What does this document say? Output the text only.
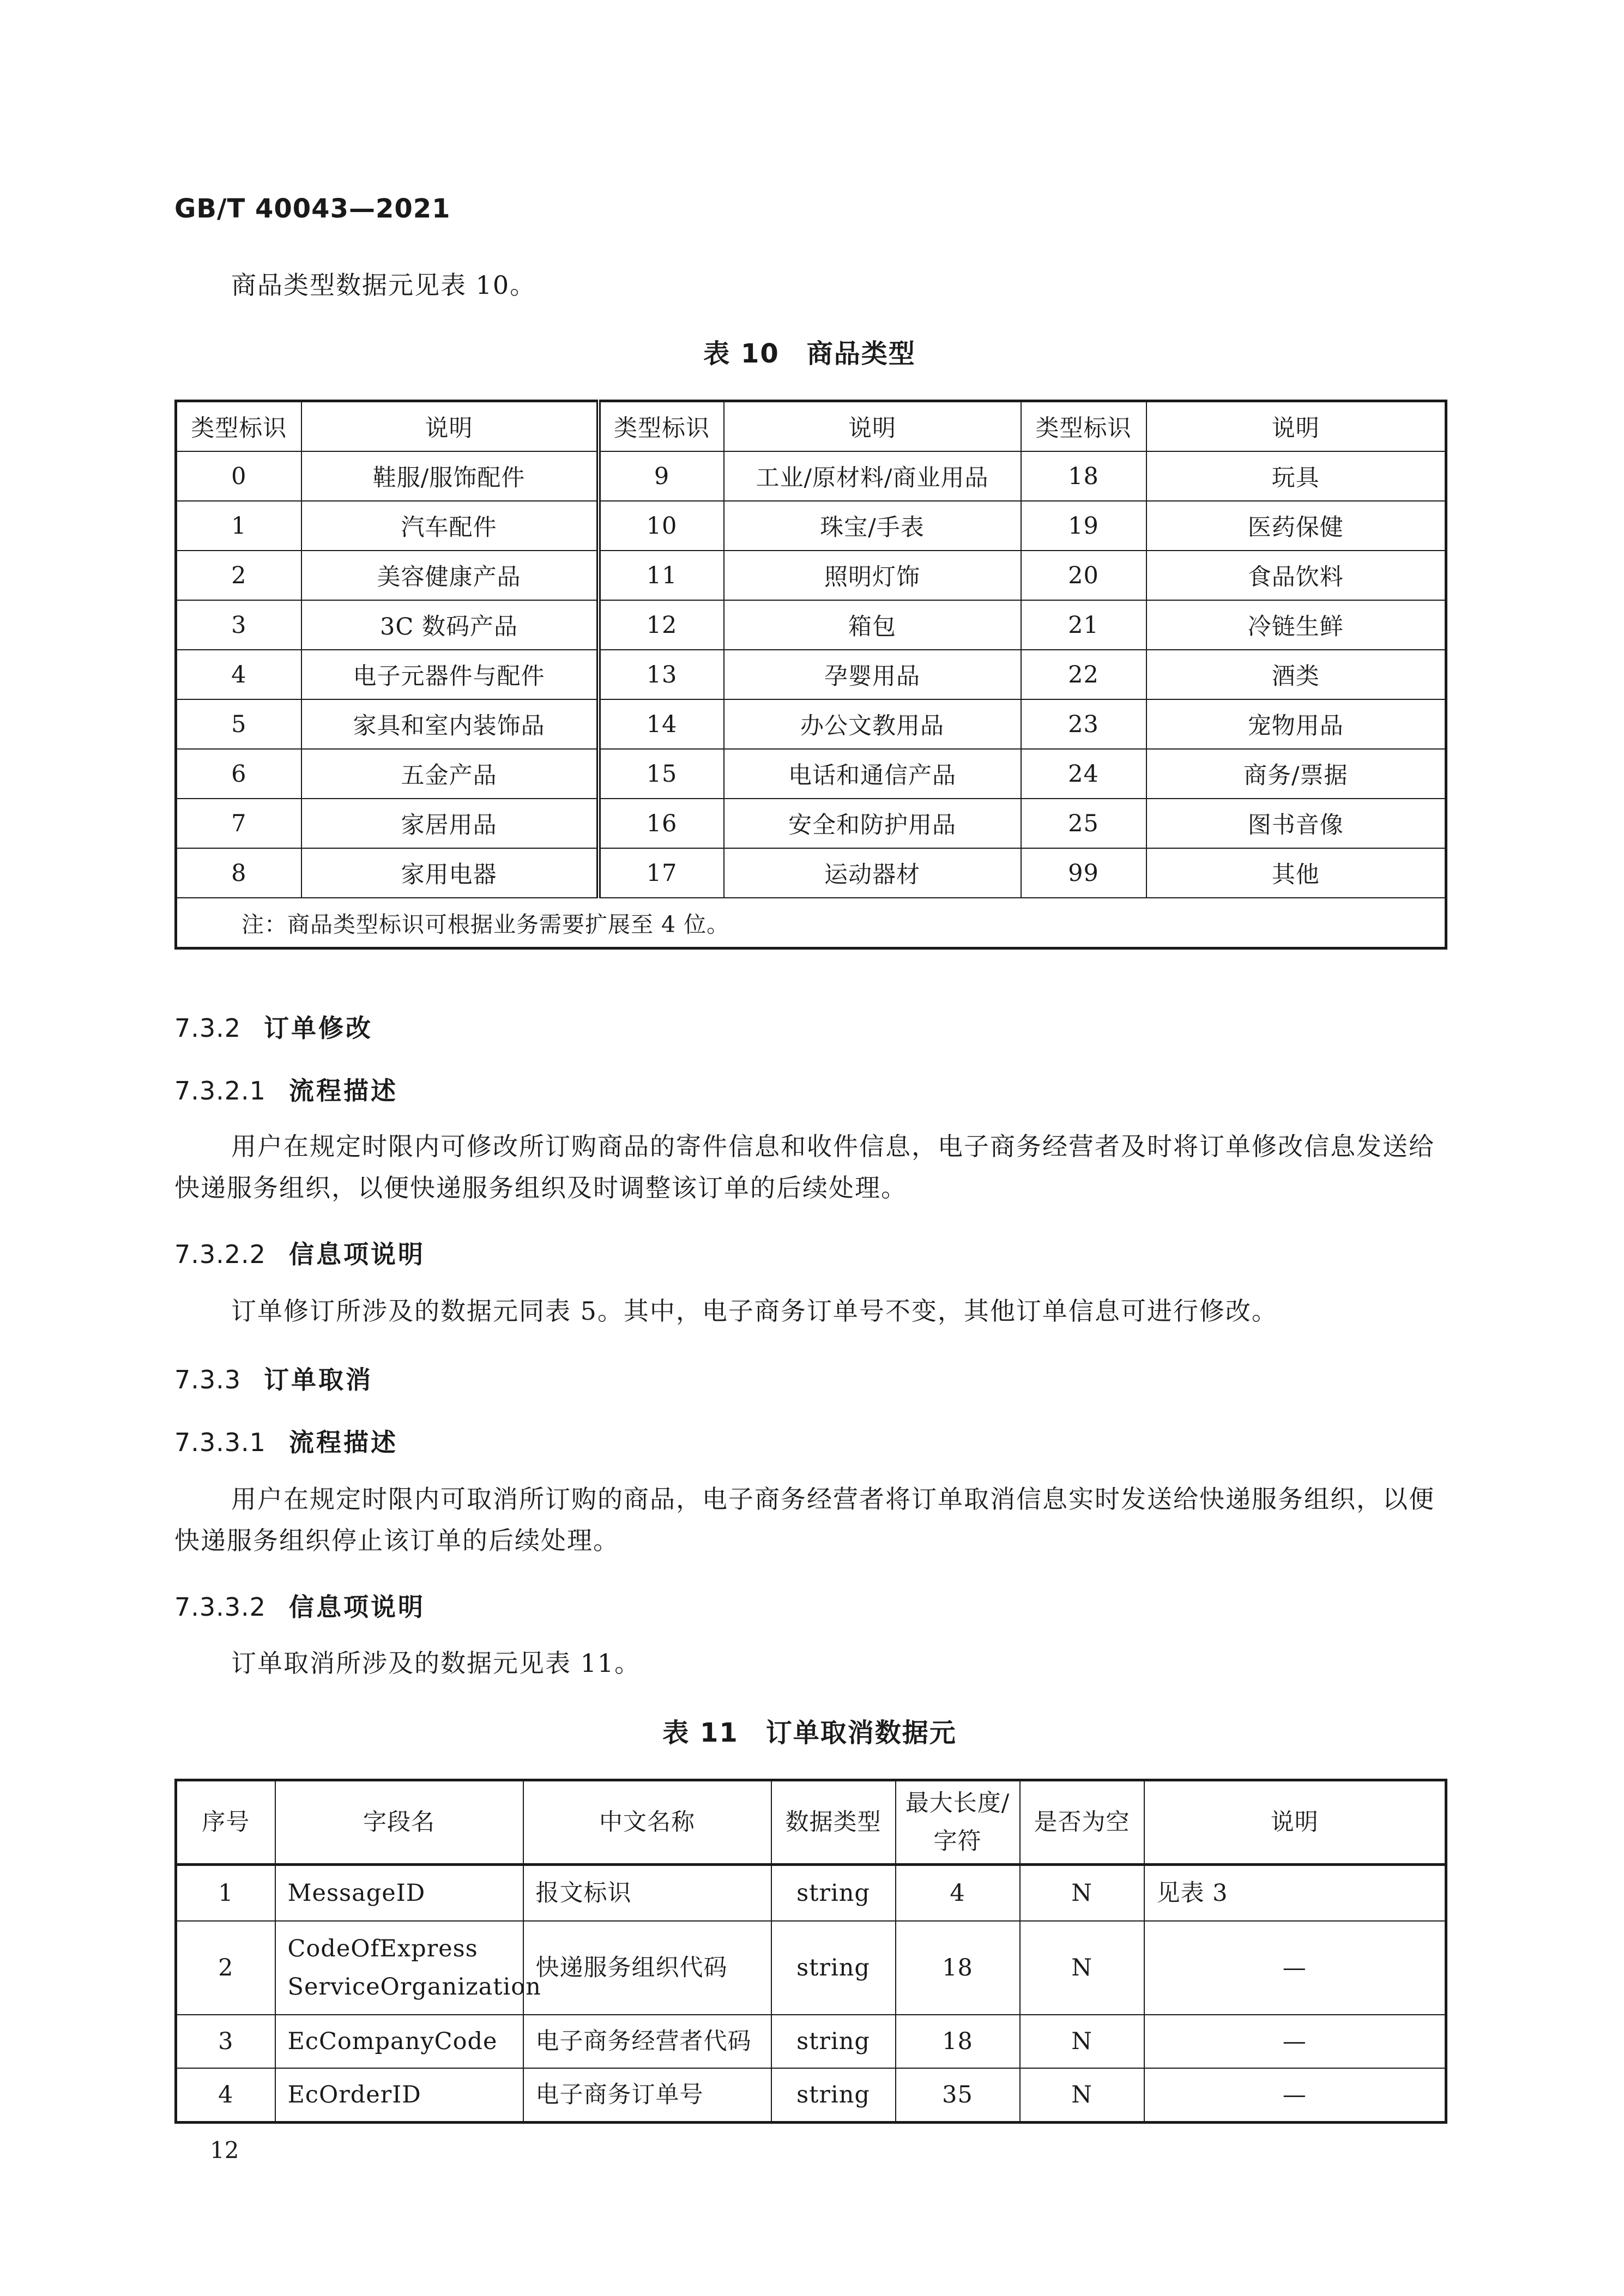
GB/T 40043—2021

商品类型数据元见表 10。

表 10　商品类型
类型标识	说明	类型标识	说明	类型标识	说明
0	鞋服/服饰配件	9	工业/原材料/商业用品	18	玩具
1	汽车配件	10	珠宝/手表	19	医药保健
2	美容健康产品	11	照明灯饰	20	食品饮料
3	3C 数码产品	12	箱包	21	冷链生鲜
4	电子元器件与配件	13	孕婴用品	22	酒类
5	家具和室内装饰品	14	办公文教用品	23	宠物用品
6	五金产品	15	电话和通信产品	24	商务/票据
7	家居用品	16	安全和防护用品	25	图书音像
8	家用电器	17	运动器材	99	其他
注：商品类型标识可根据业务需要扩展至 4 位。					
7.3.2 订单修改
7.3.2.1 流程描述

用户在规定时限内可修改所订购商品的寄件信息和收件信息，电子商务经营者及时将订单修改信息发送给快递服务组织，以便快递服务组织及时调整该订单的后续处理。

7.3.2.2 信息项说明

订单修订所涉及的数据元同表 5。其中，电子商务订单号不变，其他订单信息可进行修改。

7.3.3 订单取消
7.3.3.1 流程描述

用户在规定时限内可取消所订购的商品，电子商务经营者将订单取消信息实时发送给快递服务组织，以便快递服务组织停止该订单的后续处理。

7.3.3.2 信息项说明

订单取消所涉及的数据元见表 11。

表 11　订单取消数据元
序号	字段名	中文名称	数据类型	最大长度/字符	是否为空	说明
1	MessageID	报文标识	string	4	N	见表 3
2	CodeOfExpress ServiceOrganization	快递服务组织代码	string	18	N	—
3	EcCompanyCode	电子商务经营者代码	string	18	N	—
4	EcOrderID	电子商务订单号	string	35	N	—
12
